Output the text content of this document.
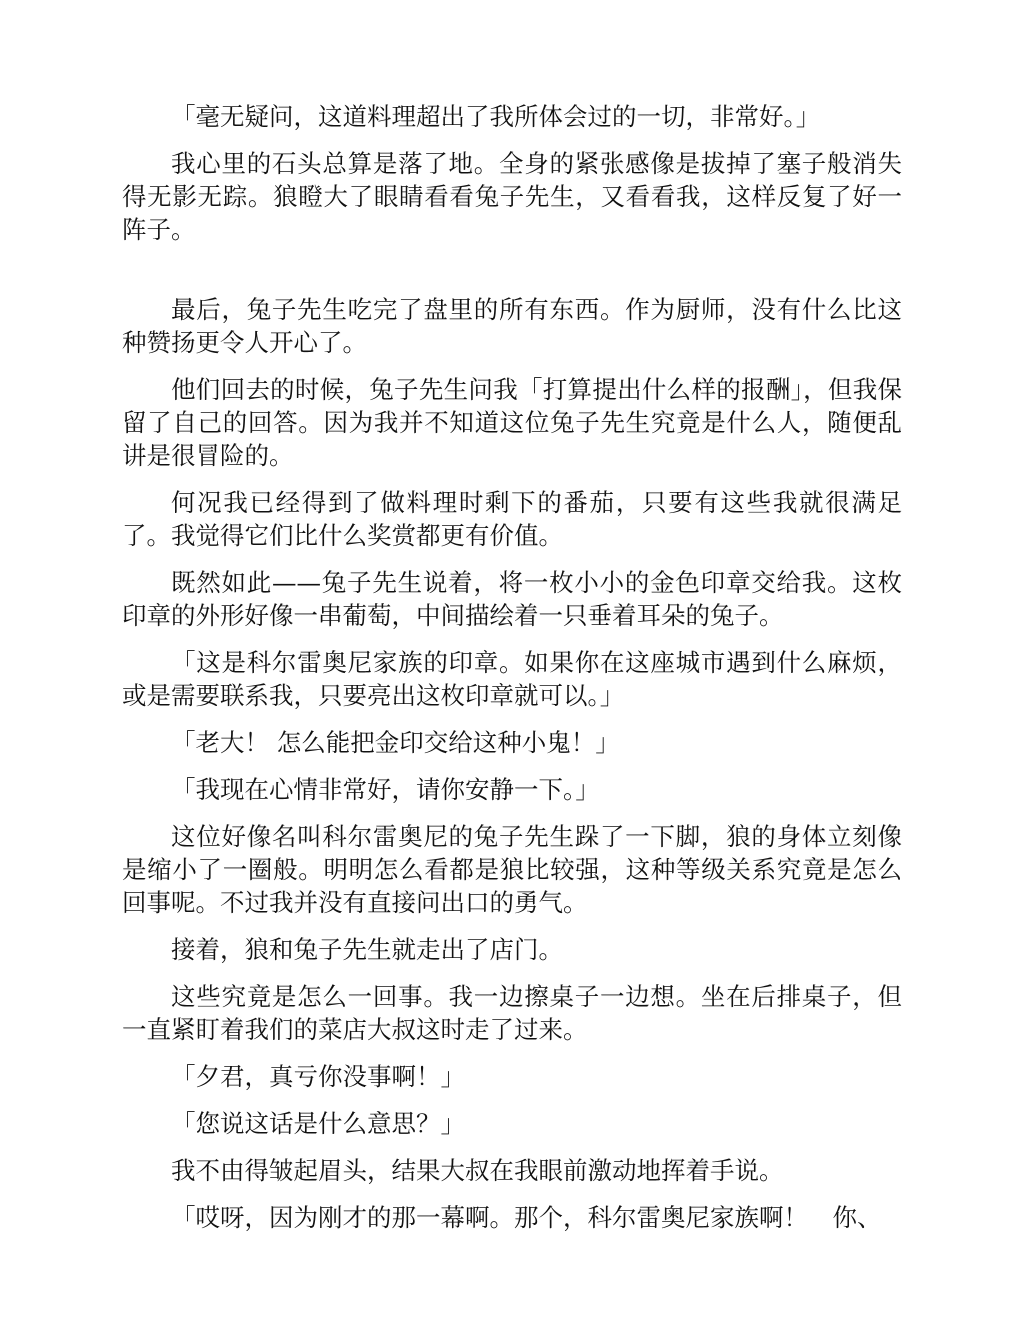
「毫无疑问，这道料理超出了我所体会过的一切，非常好。」

我心里的石头总算是落了地。全身的紧张感像是拔掉了塞子般消失得无影无踪。狼瞪大了眼睛看看兔子先生，又看看我，这样反复了好一阵子。

最后，兔子先生吃完了盘里的所有东西。作为厨师，没有什么比这种赞扬更令人开心了。

他们回去的时候，兔子先生问我「打算提出什么样的报酬」，但我保留了自己的回答。因为我并不知道这位兔子先生究竟是什么人，随便乱讲是很冒险的。

何况我已经得到了做料理时剩下的番茄，只要有这些我就很满足了。我觉得它们比什么奖赏都更有价值。

既然如此——兔子先生说着，将一枚小小的金色印章交给我。这枚印章的外形好像一串葡萄，中间描绘着一只垂着耳朵的兔子。

「这是科尔雷奥尼家族的印章。如果你在这座城市遇到什么麻烦，或是需要联系我，只要亮出这枚印章就可以。」

「老大！ 怎么能把金印交给这种小鬼！」

「我现在心情非常好，请你安静一下。」

这位好像名叫科尔雷奥尼的兔子先生跺了一下脚，狼的身体立刻像是缩小了一圈般。明明怎么看都是狼比较强，这种等级关系究竟是怎么回事呢。不过我并没有直接问出口的勇气。

接着，狼和兔子先生就走出了店门。

这些究竟是怎么一回事。我一边擦桌子一边想。坐在后排桌子，但一直紧盯着我们的菜店大叔这时走了过来。

「夕君，真亏你没事啊！」

「您说这话是什么意思？」

我不由得皱起眉头，结果大叔在我眼前激动地挥着手说。

「哎呀，因为刚才的那一幕啊。那个，科尔雷奥尼家族啊！　你、
